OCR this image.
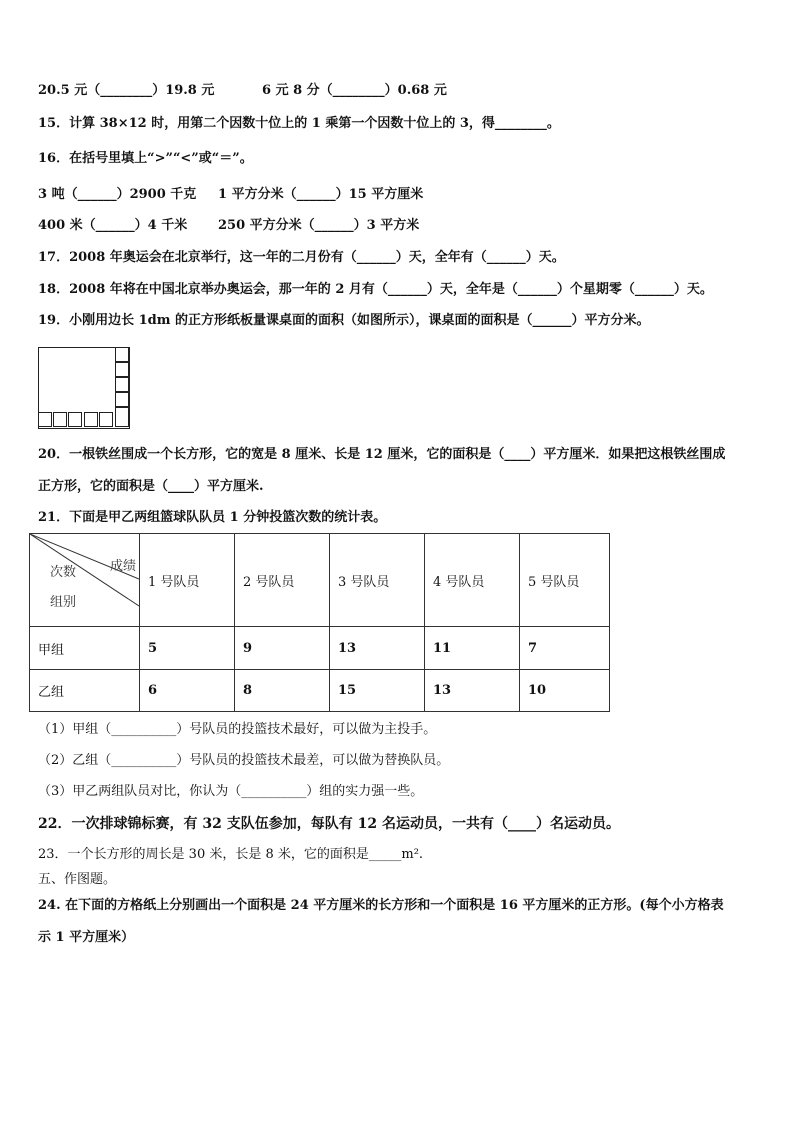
20.5 元（________）19.8 元	6 元 8 分（________）0.68 元
15．计算 38×12 时，用第二个因数十位上的 1 乘第一个因数十位上的 3，得________。
16．在括号里填上“>”“<”或“＝”。
3 吨（______）2900 千克 1 平方分米（______）15 平方厘米
400 米（______）4 千米 250 平方分米（______）3 平方米
17．2008 年奥运会在北京举行，这一年的二月份有（______）天，全年有（______）天。
18．2008 年将在中国北京举办奥运会，那一年的 2 月有（______）天，全年是（______）个星期零（______）天。
19．小刚用边长 1dm 的正方形纸板量课桌面的面积（如图所示），课桌面的面积是（______）平方分米。
20．一根铁丝围成一个长方形，它的宽是 8 厘米、长是 12 厘米，它的面积是（____）平方厘米．如果把这根铁丝围成
正方形，它的面积是（____）平方厘米.
21．下面是甲乙两组篮球队队员 1 分钟投篮次数的统计表。
成绩
次数
组别	1 号队员	2 号队员	3 号队员	4 号队员	5 号队员
甲组	5	9	13	11	7
乙组	6	8	15	13	10
（1）甲组（__________）号队员的投篮技术最好，可以做为主投手。
（2）乙组（__________）号队员的投篮技术最差，可以做为替换队员。
（3）甲乙两组队员对比，你认为（__________）组的实力强一些。
22．一次排球锦标赛，有 32 支队伍参加，每队有 12 名运动员，一共有（____）名运动员。
23．一个长方形的周长是 30 米，长是 8 米，它的面积是_____m².
五、作图题。
24. 在下面的方格纸上分别画出一个面积是 24 平方厘米的长方形和一个面积是 16 平方厘米的正方形。(每个小方格表
示 1 平方厘米）
